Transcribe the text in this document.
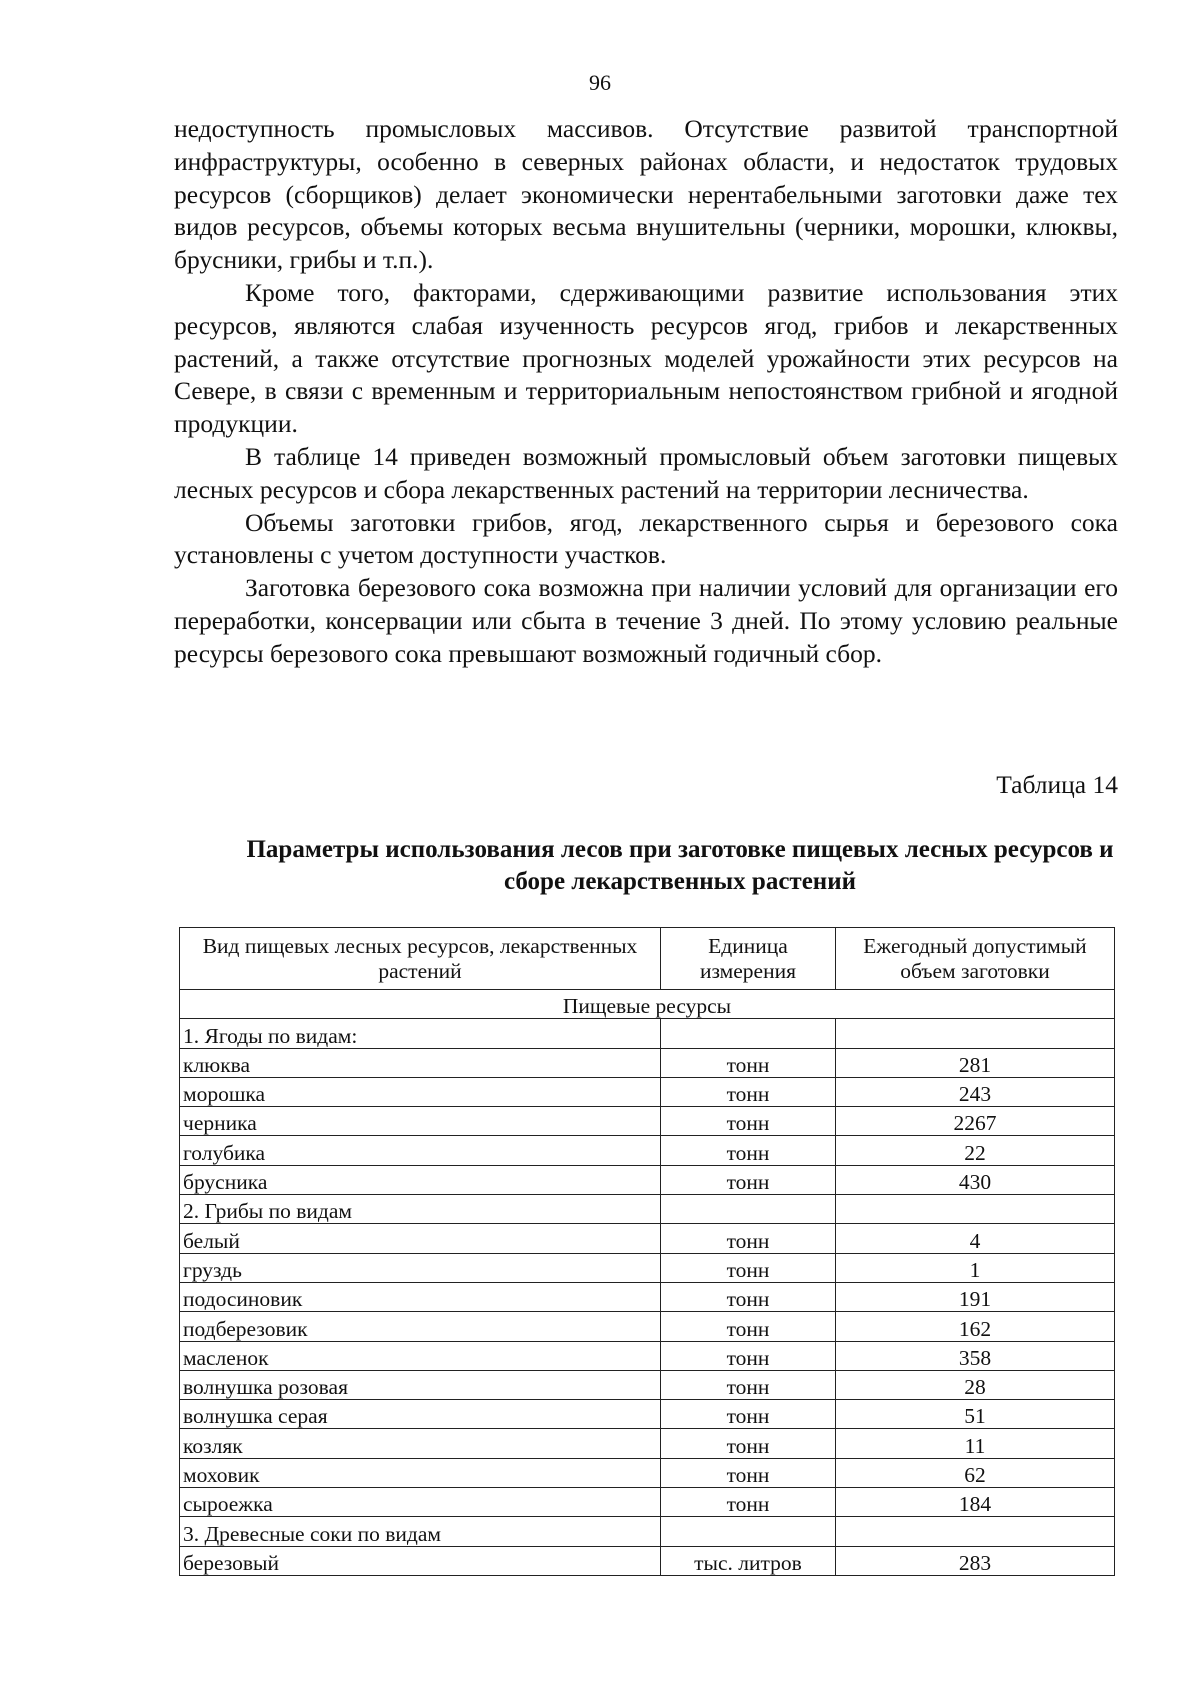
96

недоступность промысловых массивов. Отсутствие развитой транспортной инфраструктуры, особенно в северных районах области, и недостаток трудовых ресурсов (сборщиков) делает экономически нерентабельными заготовки даже тех видов ресурсов, объемы которых весьма внушительны (черники, морошки, клюквы, брусники, грибы и т.п.).

Кроме того, факторами, сдерживающими развитие использования этих ресурсов, являются слабая изученность ресурсов ягод, грибов и лекарственных растений, а также отсутствие прогнозных моделей урожайности этих ресурсов на Севере, в связи с временным и территориальным непостоянством грибной и ягодной продукции.

В таблице 14 приведен возможный промысловый объем заготовки пищевых лесных ресурсов и сбора лекарственных растений на территории лесничества.

Объемы заготовки грибов, ягод, лекарственного сырья и березового сока установлены с учетом доступности участков.

Заготовка березового сока возможна при наличии условий для организации его переработки, консервации или сбыта в течение 3 дней. По этому условию реальные ресурсы березового сока превышают возможный годичный сбор.

Таблица 14
Параметры использования лесов при заготовке пищевых лесных ресурсов и сборе лекарственных растений
Вид пищевых лесных ресурсов, лекарственных растений	Единица измерения	Ежегодный допустимый объем заготовки
Пищевые ресурсы		
1. Ягоды по видам:		
клюква	тонн	281
морошка	тонн	243
черника	тонн	2267
голубика	тонн	22
брусника	тонн	430
2. Грибы по видам		
белый	тонн	4
груздь	тонн	1
подосиновик	тонн	191
подберезовик	тонн	162
масленок	тонн	358
волнушка розовая	тонн	28
волнушка серая	тонн	51
козляк	тонн	11
моховик	тонн	62
сыроежка	тонн	184
3. Древесные соки по видам		
березовый	тыс. литров	283
